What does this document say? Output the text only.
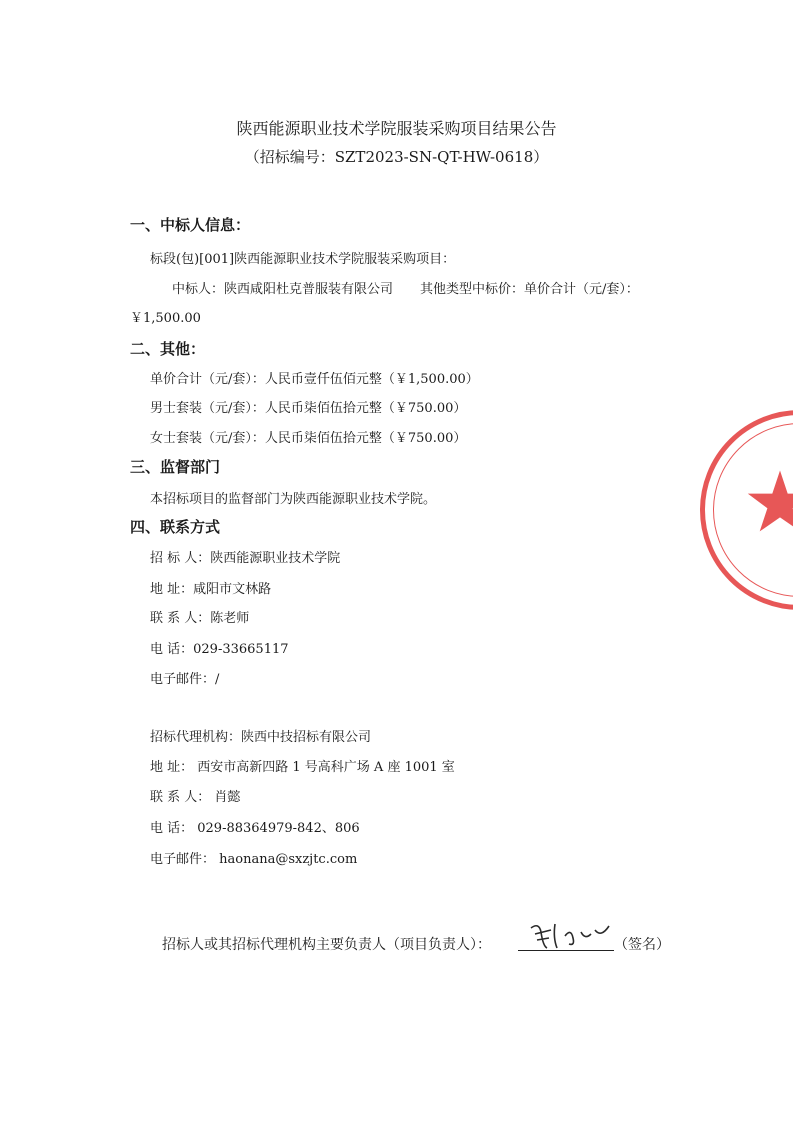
陕西能源职业技术学院服装采购项目结果公告
（招标编号：SZT2023-SN-QT-HW-0618）
一、中标人信息：
标段(包)[001]陕西能源职业技术学院服装采购项目：
中标人：陕西咸阳杜克普服装有限公司 其他类型中标价：单价合计（元/套）：
￥1,500.00
二、其他：
单价合计（元/套）：人民币壹仟伍佰元整（￥1,500.00）
男士套装（元/套）：人民币柒佰伍拾元整（￥750.00）
女士套装（元/套）：人民币柒佰伍拾元整（￥750.00）
三、监督部门
本招标项目的监督部门为陕西能源职业技术学院。
四、联系方式
招 标 人：陕西能源职业技术学院
地 址：咸阳市文林路
联 系 人：陈老师
电 话：029-33665117
电子邮件：/
招标代理机构：陕西中技招标有限公司
地 址： 西安市高新四路 1 号高科广场 A 座 1001 室
联 系 人： 肖懿
电 话： 029-88364979-842、806
电子邮件： haonana@sxzjtc.com
招标人或其招标代理机构主要负责人（项目负责人）：	（签名）
